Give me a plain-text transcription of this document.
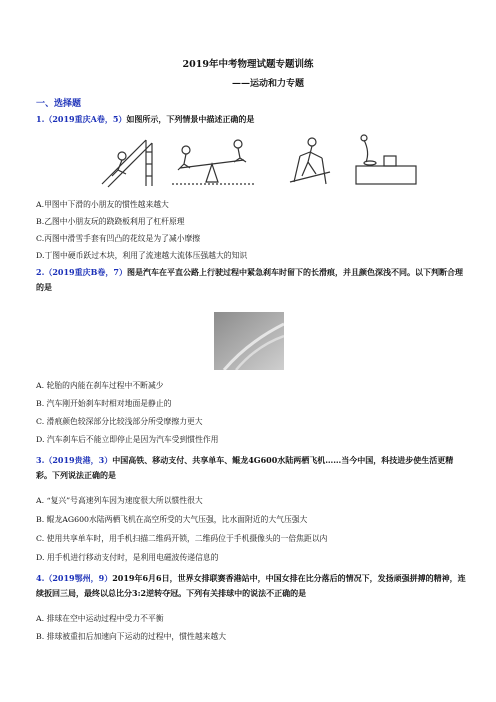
2019年中考物理试题专题训练
——运动和力专题
一、选择题
1.（2019重庆A卷，5）如图所示，下列情景中描述正确的是
A.甲图中下滑的小朋友的惯性越来越大
B.乙图中小朋友玩的跷跷板利用了杠杆原理
C.丙图中滑雪手套有凹凸的花纹是为了减小摩擦
D.丁图中硬币跃过木块，利用了流速越大流体压强越大的知识
2.（2019重庆B卷，7）图是汽车在平直公路上行驶过程中紧急刹车时留下的长滑痕，并且颜色深浅不同。以下判断合理的是
A. 轮胎的内能在刹车过程中不断减少
B. 汽车刚开始刹车时相对地面是静止的
C. 滑痕颜色较深部分比较浅部分所受摩擦力更大
D. 汽车刹车后不能立即停止是因为汽车受到惯性作用
3.（2019贵港，3）中国高铁、移动支付、共享单车、鲲龙4G600水陆两栖飞机……当今中国，科技进步使生活更精彩。下列说法正确的是
A. “复兴”号高速列车因为速度很大所以惯性很大
B. 鲲龙AG600水陆两栖飞机在高空所受的大气压强，比水面附近的大气压强大
C. 使用共享单车时，用手机扫描二维码开锁，二维码位于手机摄像头的一倍焦距以内
D. 用手机进行移动支付时，是利用电磁波传递信息的
4.（2019鄂州，9）2019年6月6日，世界女排联赛香港站中，中国女排在比分落后的情况下，发扬顽强拼搏的精神，连续扳回三局，最终以总比分3:2逆转夺冠。下列有关排球中的说法不正确的是
A. 排球在空中运动过程中受力不平衡
B. 排球被重扣后加速向下运动的过程中，惯性越来越大
